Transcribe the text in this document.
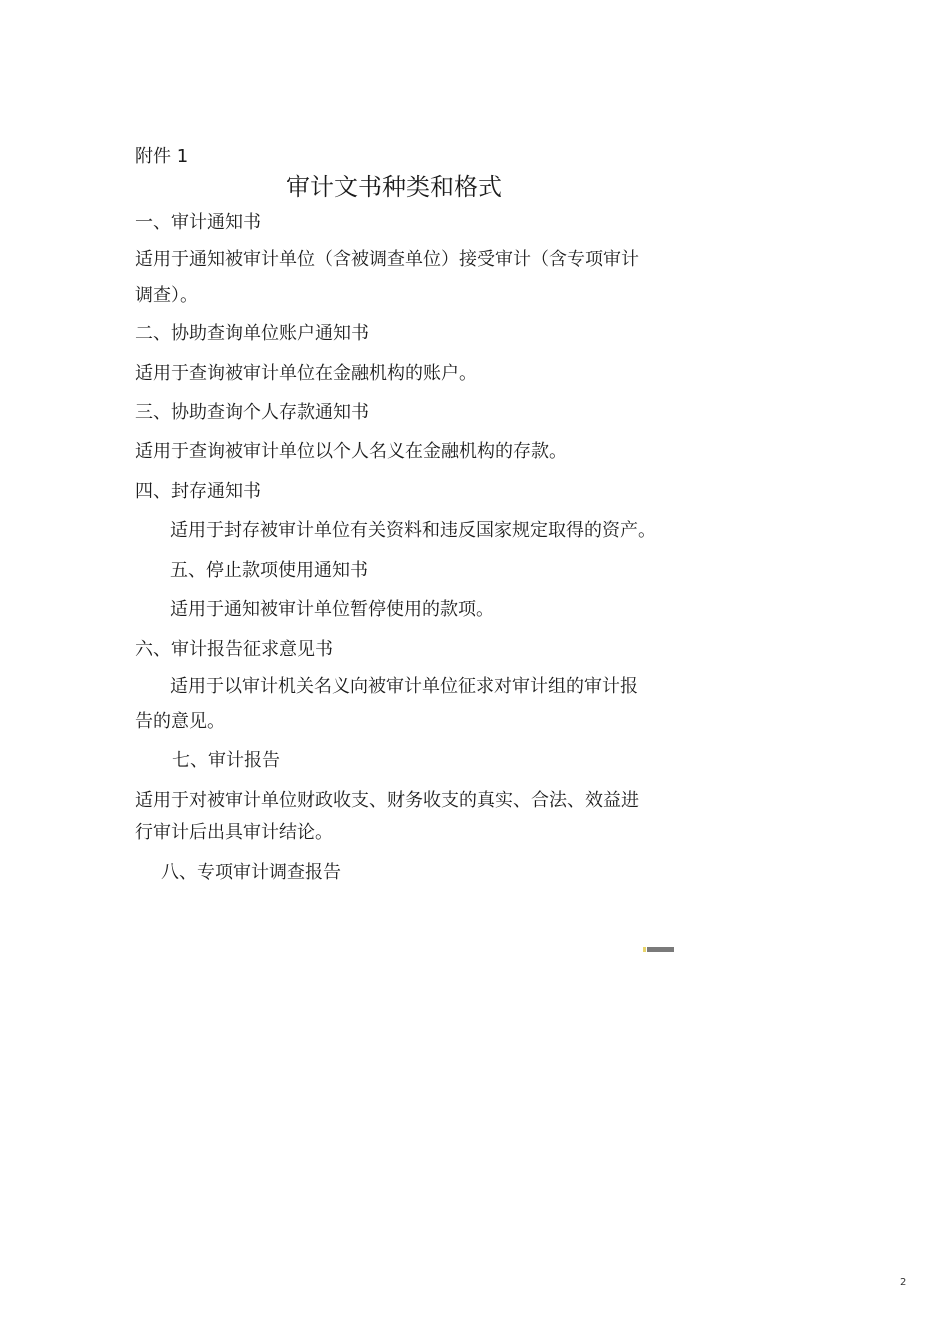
附件 1
审计文书种类和格式
一、审计通知书
适用于通知被审计单位（含被调查单位）接受审计（含专项审计
调查）。
二、协助查询单位账户通知书
适用于查询被审计单位在金融机构的账户。
三、协助查询个人存款通知书
适用于查询被审计单位以个人名义在金融机构的存款。
四、封存通知书
适用于封存被审计单位有关资料和违反国家规定取得的资产。
五、停止款项使用通知书
适用于通知被审计单位暂停使用的款项。
六、审计报告征求意见书
适用于以审计机关名义向被审计单位征求对审计组的审计报
告的意见。
七、审计报告
适用于对被审计单位财政收支、财务收支的真实、合法、效益进
行审计后出具审计结论。
八、专项审计调查报告
2
